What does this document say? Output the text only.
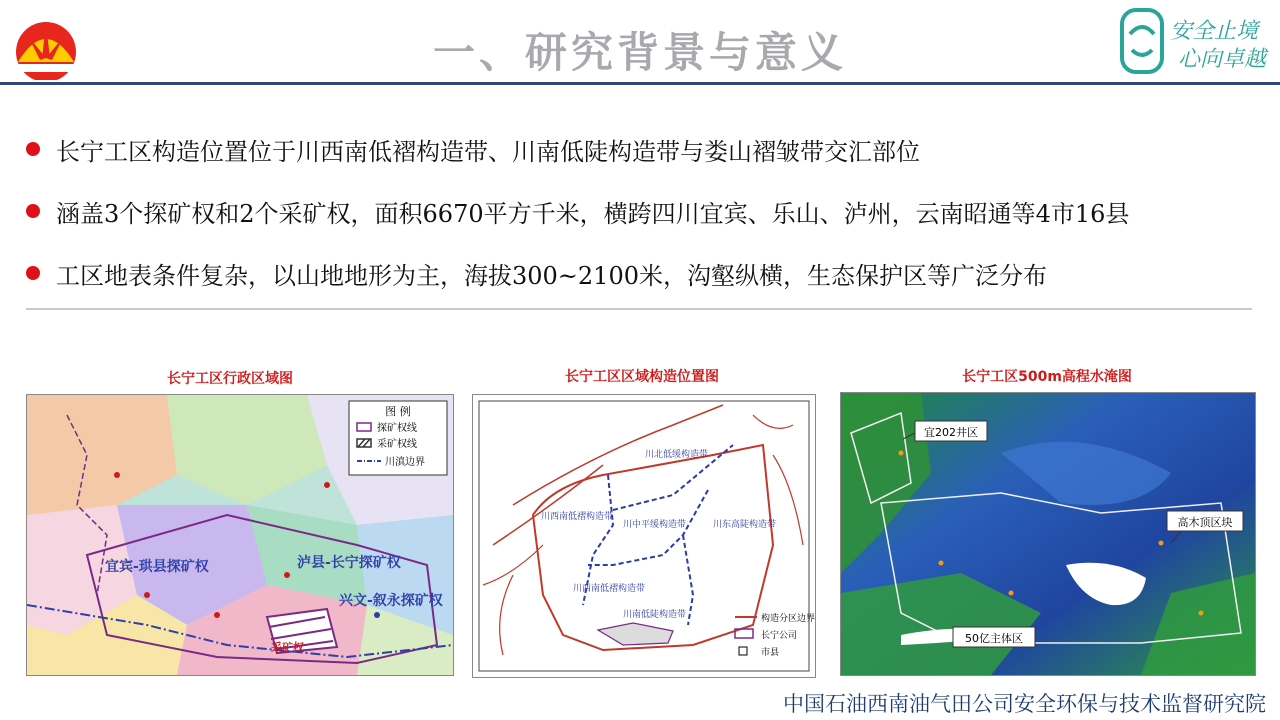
一、研究背景与意义	安全止境
心向卓越
长宁工区构造位置位于川西南低褶构造带、川南低陡构造带与娄山褶皱带交汇部位
涵盖3个探矿权和2个采矿权，面积6670平方千米，横跨四川宜宾、乐山、泸州，云南昭通等4市16县
工区地表条件复杂，以山地地形为主，海拔300~2100米，沟壑纵横，生态保护区等广泛分布
长宁工区行政区域图	长宁工区区域构造位置图	长宁工区500m高程水淹图
宜宾-珙县探矿权	泸县-长宁探矿权
兴文-叙永探矿权
采矿权
图 例
探矿权线
采矿权线
川滇边界
川北低缓构造带
川西南低褶构造带
川中平缓构造带	川东高陡构造带
川西南低褶构造带
川南低陡构造带	构造分区边界
长宁公司
市县
宜202井区
高木顶区块
50亿主体区
中国石油西南油气田公司安全环保与技术监督研究院
